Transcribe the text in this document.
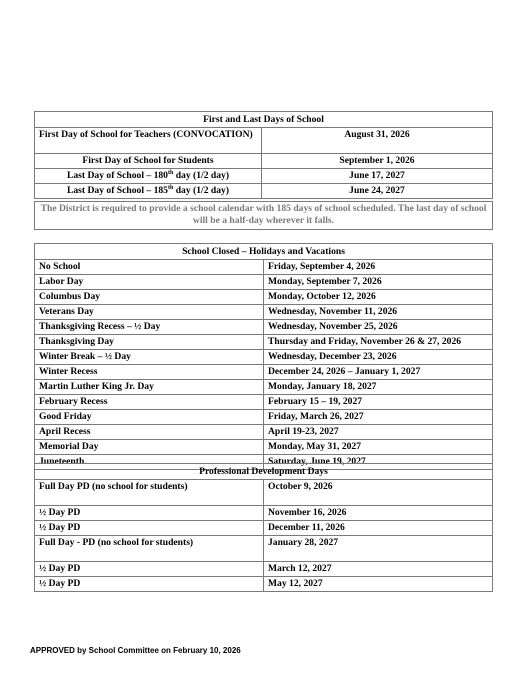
First and Last Days of School	
First Day of School for Teachers (CONVOCATION)	August 31, 2026
First Day of School for Students	September 1, 2026
Last Day of School – 180th day (1/2 day)	June 17, 2027
Last Day of School – 185th day (1/2 day)	June 24, 2027
The District is required to provide a school calendar with 185 days of school scheduled. The last day of school will be a half-day wherever it falls.
School Closed – Holidays and Vacations	
No School	Friday, September 4, 2026
Labor Day	Monday, September 7, 2026
Columbus Day	Monday, October 12, 2026
Veterans Day	Wednesday, November 11, 2026
Thanksgiving Recess – ½ Day	Wednesday, November 25, 2026
Thanksgiving Day	Thursday and Friday, November 26 & 27, 2026
Winter Break – ½ Day	Wednesday, December 23, 2026
Winter Recess	December 24, 2026 – January 1, 2027
Martin Luther King Jr. Day	Monday, January 18, 2027
February Recess	February 15 – 19, 2027
Good Friday	Friday, March 26, 2027
April Recess	April 19-23, 2027
Memorial Day	Monday, May 31, 2027
Juneteenth	Saturday, June 19, 2027
Professional Development Days	
Full Day PD (no school for students)	October 9, 2026
½ Day PD	November 16, 2026
½ Day PD	December 11, 2026
Full Day - PD (no school for students)	January 28, 2027
½ Day PD	March 12, 2027
½ Day PD	May 12, 2027
APPROVED by School Committee on February 10, 2026
